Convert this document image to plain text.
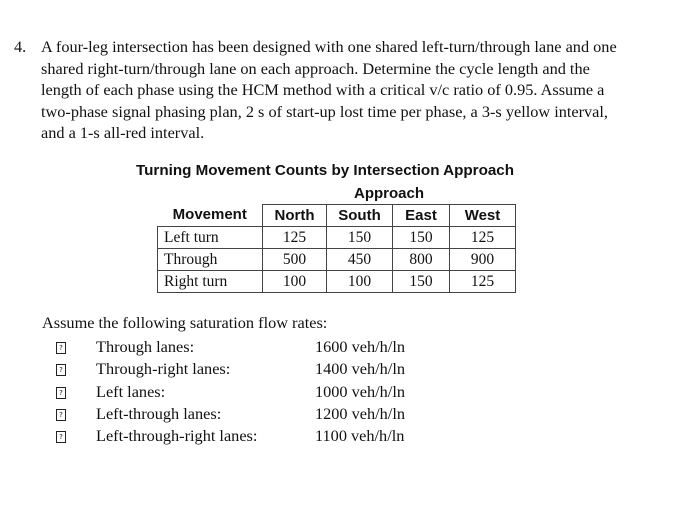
4. A four-leg intersection has been designed with one shared left-turn/through lane and one
shared right-turn/through lane on each approach. Determine the cycle length and the
length of each phase using the HCM method with a critical v/c ratio of 0.95. Assume a
two-phase signal phasing plan, 2 s of start-up lost time per phase, a 3-s yellow interval,
and a 1-s all-red interval.
Turning Movement Counts by Intersection Approach
	Approach			
Movement	North	South	East	West
Left turn	125	150	150	125
Through	500	450	800	900
Right turn	100	100	150	125
Assume the following saturation flow rates:
? Through lanes:	1600 veh/h/ln
? Through-right lanes:	1400 veh/h/ln
? Left lanes:	1000 veh/h/ln
? Left-through lanes:	1200 veh/h/ln
? Left-through-right lanes:	1100 veh/h/ln
